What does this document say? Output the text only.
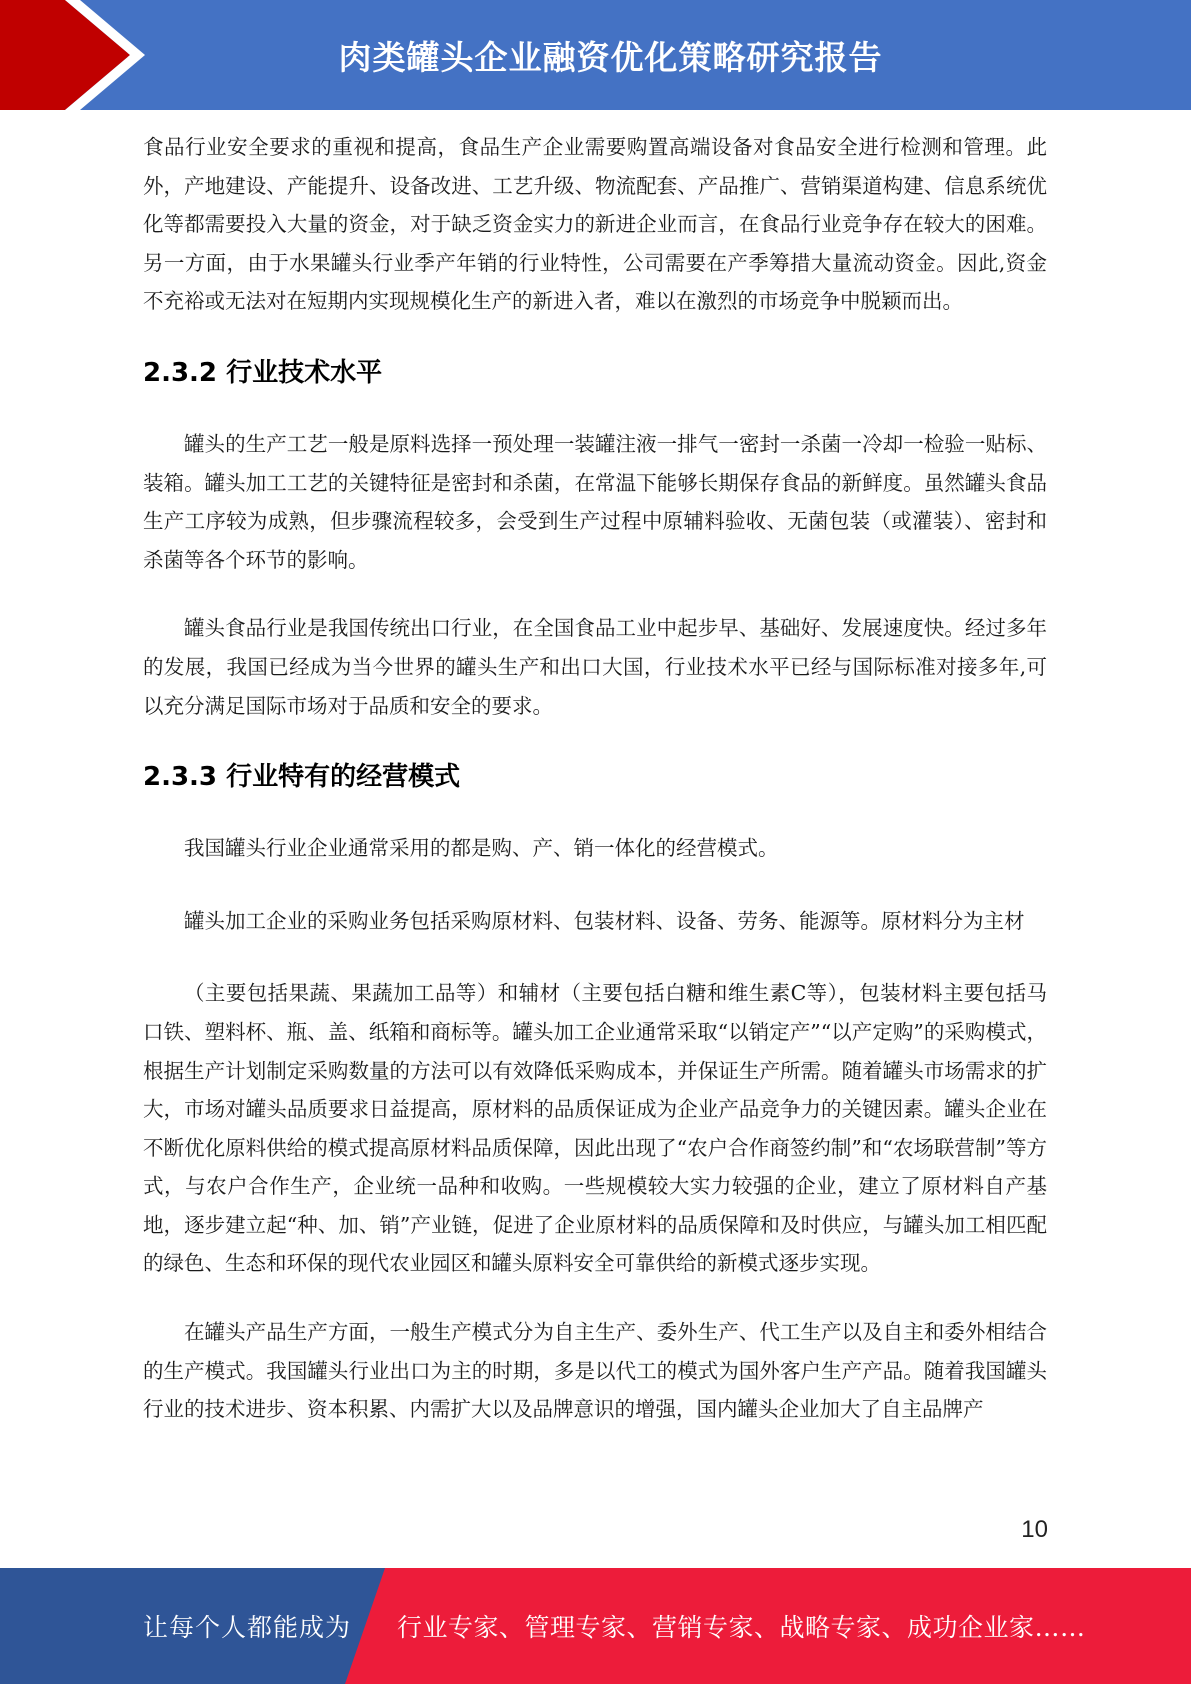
肉类罐头企业融资优化策略研究报告

食品行业安全要求的重视和提高，食品生产企业需要购置高端设备对食品安全进行检测和管理。此外，产地建设、产能提升、设备改进、工艺升级、物流配套、产品推广、营销渠道构建、信息系统优化等都需要投入大量的资金，对于缺乏资金实力的新进企业而言，在食品行业竞争存在较大的困难。另一方面，由于水果罐头行业季产年销的行业特性，公司需要在产季筹措大量流动资金。因此,资金不充裕或无法对在短期内实现规模化生产的新进入者，难以在激烈的市场竞争中脱颖而出。

2.3.2 行业技术水平

罐头的生产工艺一般是原料选择一预处理一装罐注液一排气一密封一杀菌一冷却一检验一贴标、装箱。罐头加工工艺的关键特征是密封和杀菌，在常温下能够长期保存食品的新鲜度。虽然罐头食品生产工序较为成熟，但步骤流程较多，会受到生产过程中原辅料验收、无菌包装（或灌装）、密封和杀菌等各个环节的影响。

罐头食品行业是我国传统出口行业，在全国食品工业中起步早、基础好、发展速度快。经过多年的发展，我国已经成为当今世界的罐头生产和出口大国，行业技术水平已经与国际标准对接多年,可以充分满足国际市场对于品质和安全的要求。

2.3.3 行业特有的经营模式

我国罐头行业企业通常采用的都是购、产、销一体化的经营模式。

罐头加工企业的采购业务包括采购原材料、包装材料、设备、劳务、能源等。原材料分为主材

（主要包括果蔬、果蔬加工品等）和辅材（主要包括白糖和维生素C等），包装材料主要包括马口铁、塑料杯、瓶、盖、纸箱和商标等。罐头加工企业通常采取“以销定产”“以产定购”的采购模式，根据生产计划制定采购数量的方法可以有效降低采购成本，并保证生产所需。随着罐头市场需求的扩大，市场对罐头品质要求日益提高，原材料的品质保证成为企业产品竞争力的关键因素。罐头企业在不断优化原料供给的模式提高原材料品质保障，因此出现了“农户合作商签约制”和“农场联营制”等方式，与农户合作生产，企业统一品种和收购。一些规模较大实力较强的企业，建立了原材料自产基地，逐步建立起“种、加、销”产业链，促进了企业原材料的品质保障和及时供应，与罐头加工相匹配的绿色、生态和环保的现代农业园区和罐头原料安全可靠供给的新模式逐步实现。

在罐头产品生产方面，一般生产模式分为自主生产、委外生产、代工生产以及自主和委外相结合的生产模式。我国罐头行业出口为主的时期，多是以代工的模式为国外客户生产产品。随着我国罐头行业的技术进步、资本积累、内需扩大以及品牌意识的增强，国内罐头企业加大了自主品牌产

10
让每个人都能成为 行业专家、管理专家、营销专家、战略专家、成功企业家……
